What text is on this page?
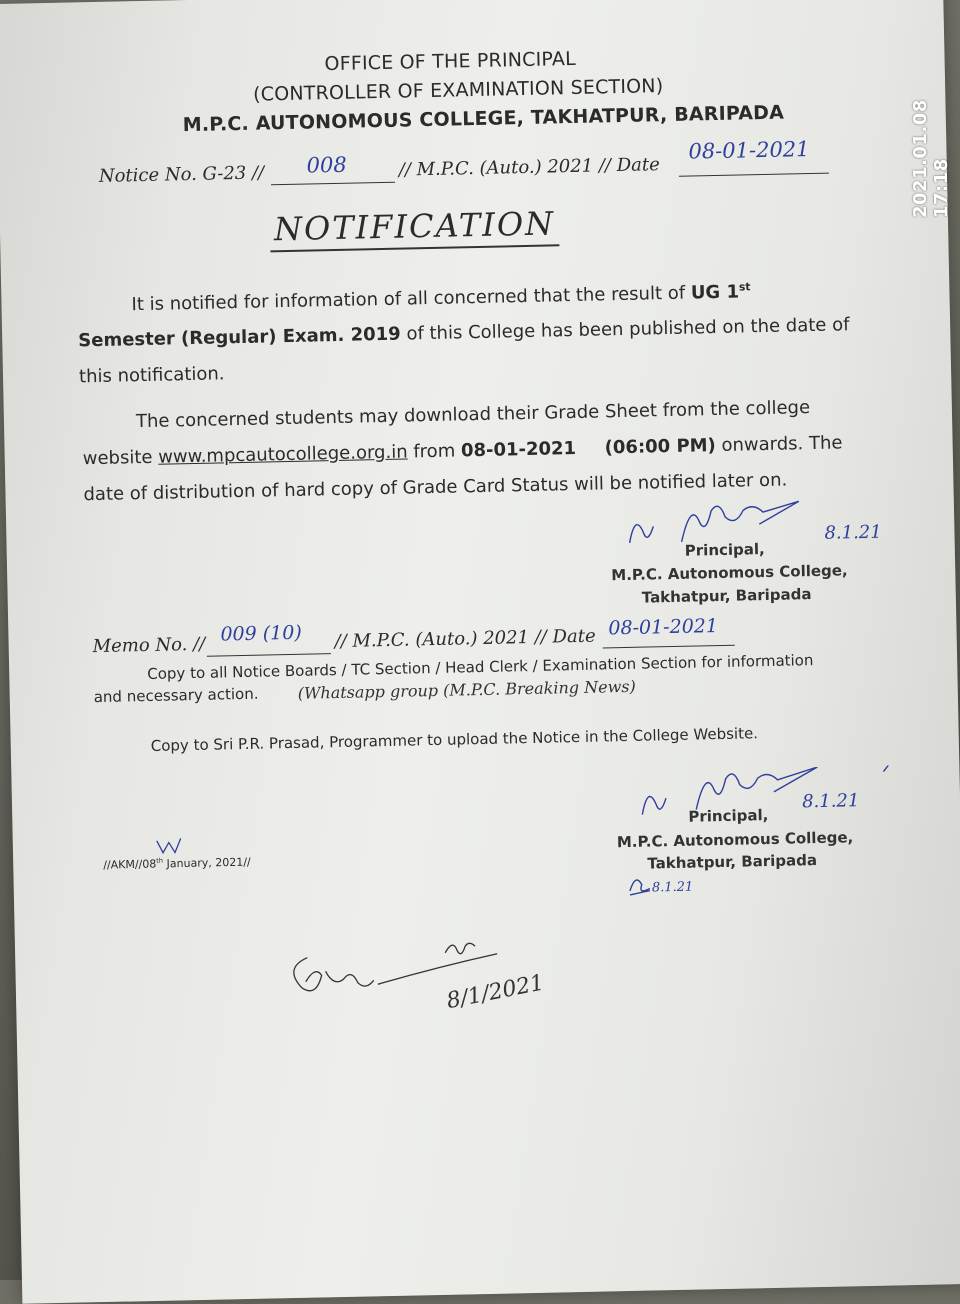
OFFICE OF THE PRINCIPAL
(CONTROLLER OF EXAMINATION SECTION)
M.P.C. AUTONOMOUS COLLEGE, TAKHATPUR, BARIPADA
Notice No. G-23 // 008	// M.P.C. (Auto.) 2021 // Date
08-01-2021
NOTIFICATION
It is notified for information of all concerned that the result of UG 1st
Semester (Regular) Exam. 2019 of this College has been published on the date of
this notification.
The concerned students may download their Grade Sheet from the college
website www.mpcautocollege.org.in from 08-01-2021 (06:00 PM) onwards. The
date of distribution of hard copy of Grade Card Status will be notified later on.
8.1.21
Principal,
M.P.C. Autonomous College,
Takhatpur, Baripada
Memo No. //
009 (10) // M.P.C. (Auto.) 2021 // Date 08-01-2021
Copy to all Notice Boards / TC Section / Head Clerk / Examination Section for information
and necessary action. (Whatsapp group (M.P.C. Breaking News)
Copy to Sri P.R. Prasad, Programmer to upload the Notice in the College Website.
8.1.21
Principal,
M.P.C. Autonomous College,
Takhatpur, Baripada
8.1.21
//AKM//08th January, 2021//
8/1/2021
2021.01.08 17:18
